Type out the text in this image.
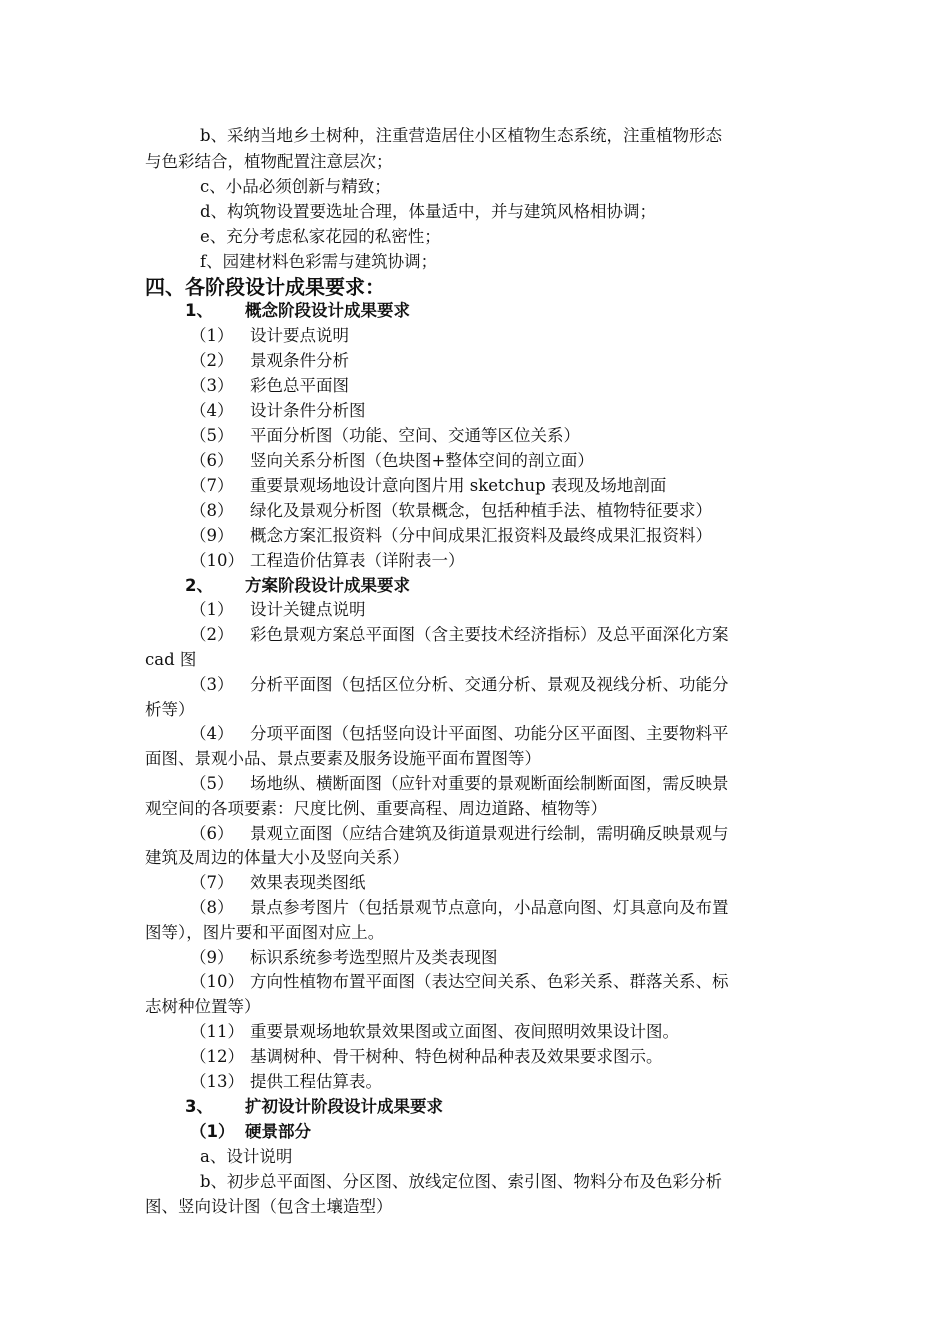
b、采纳当地乡土树种，注重营造居住小区植物生态系统，注重植物形态
与色彩结合，植物配置注意层次；
c、小品必须创新与精致；
d、构筑物设置要选址合理，体量适中，并与建筑风格相协调；
e、充分考虑私家花园的私密性；
f、园建材料色彩需与建筑协调；
四、各阶段设计成果要求：
1、 概念阶段设计成果要求
（1） 设计要点说明
（2） 景观条件分析
（3） 彩色总平面图
（4） 设计条件分析图
（5） 平面分析图（功能、空间、交通等区位关系）
（6） 竖向关系分析图（色块图+整体空间的剖立面）
（7） 重要景观场地设计意向图片用 sketchup 表现及场地剖面
（8） 绿化及景观分析图（软景概念，包括种植手法、植物特征要求）
（9） 概念方案汇报资料（分中间成果汇报资料及最终成果汇报资料）
（10） 工程造价估算表（详附表一）
2、 方案阶段设计成果要求
（1） 设计关键点说明
（2） 彩色景观方案总平面图（含主要技术经济指标）及总平面深化方案
cad 图
（3） 分析平面图（包括区位分析、交通分析、景观及视线分析、功能分
析等）
（4） 分项平面图（包括竖向设计平面图、功能分区平面图、主要物料平
面图、景观小品、景点要素及服务设施平面布置图等）
（5） 场地纵、横断面图（应针对重要的景观断面绘制断面图，需反映景
观空间的各项要素：尺度比例、重要高程、周边道路、植物等）
（6） 景观立面图（应结合建筑及街道景观进行绘制，需明确反映景观与
建筑及周边的体量大小及竖向关系）
（7） 效果表现类图纸
（8） 景点参考图片（包括景观节点意向，小品意向图、灯具意向及布置
图等），图片要和平面图对应上。
（9） 标识系统参考选型照片及类表现图
（10） 方向性植物布置平面图（表达空间关系、色彩关系、群落关系、标
志树种位置等）
（11） 重要景观场地软景效果图或立面图、夜间照明效果设计图。
（12） 基调树种、骨干树种、特色树种品种表及效果要求图示。
（13） 提供工程估算表。
3、 扩初设计阶段设计成果要求
（1） 硬景部分
a、设计说明
b、初步总平面图、分区图、放线定位图、索引图、物料分布及色彩分析
图、竖向设计图（包含土壤造型）
